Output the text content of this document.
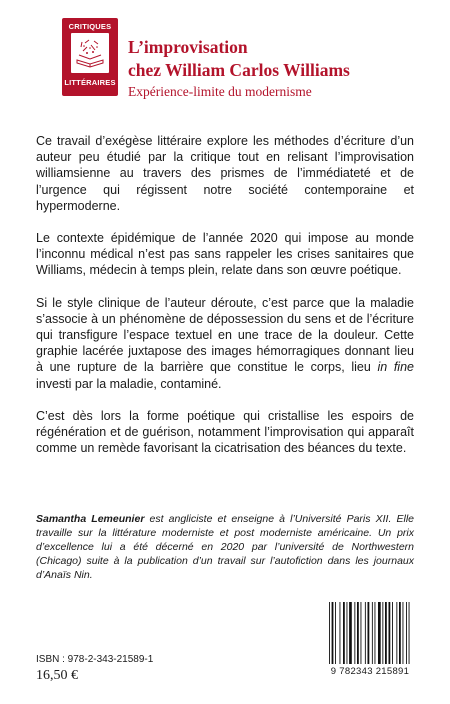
CRITIQUES
LITTÉRAIRES
L’improvisation
chez William Carlos Williams
Expérience-limite du modernisme

Ce travail d’exégèse littéraire explore les méthodes d’écriture d’un auteur peu étudié par la critique tout en relisant l’improvisation williamsienne au travers des prismes de l’immédiateté et de l’urgence qui régissent notre société contemporaine et hypermoderne.

Le contexte épidémique de l’année 2020 qui impose au monde l’inconnu médical n’est pas sans rappeler les crises sanitaires que Williams, médecin à temps plein, relate dans son œuvre poétique.

Si le style clinique de l’auteur déroute, c’est parce que la maladie s’associe à un phénomène de dépossession du sens et de l’écriture qui transfigure l’espace textuel en une trace de la douleur. Cette graphie lacérée juxtapose des images hémorragiques donnant lieu à une rupture de la barrière que constitue le corps, lieu in fine investi par la maladie, contaminé.

C’est dès lors la forme poétique qui cristallise les espoirs de régénération et de guérison, notamment l’improvisation qui apparaît comme un remède favorisant la cicatrisation des béances du texte.

Samantha Lemeunier est angliciste et enseigne à l’Université Paris XII. Elle travaille sur la littérature moderniste et post moderniste américaine. Un prix d’excellence lui a été décerné en 2020 par l’université de Northwestern (Chicago) suite à la publication d’un travail sur l’autofiction dans les journaux d’Anaïs Nin.
ISBN : 978-2-343-21589-1
16,50 €	9 782343 215891
